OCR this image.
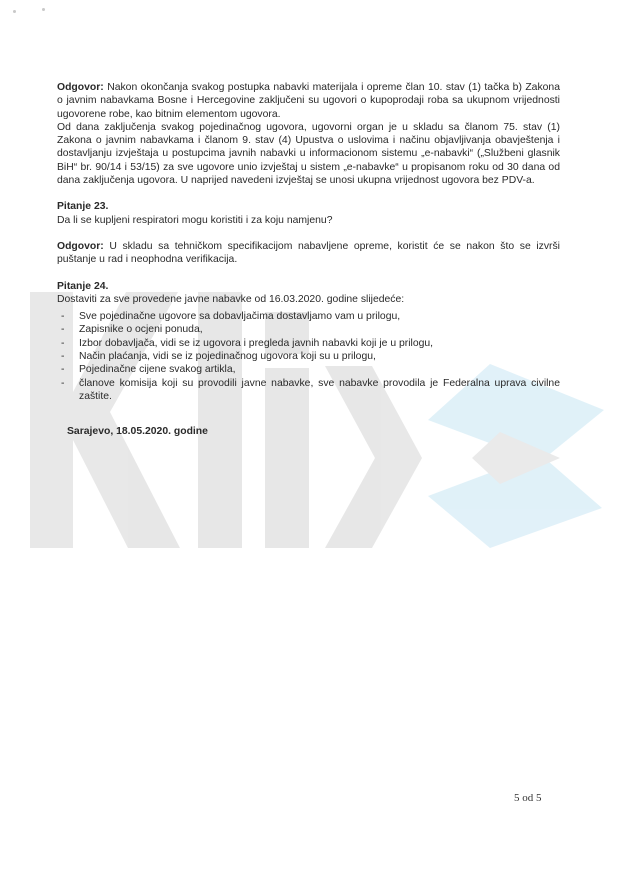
Odgovor: Nakon okončanja svakog postupka nabavki materijala i opreme član 10. stav (1) tačka b) Zakona o javnim nabavkama Bosne i Hercegovine zaključeni su ugovori o kupoprodaji roba sa ukupnom vrijednosti ugovorene robe, kao bitnim elementom ugovora.

Od dana zaključenja svakog pojedinačnog ugovora, ugovorni organ je u skladu sa članom 75. stav (1) Zakona o javnim nabavkama i članom 9. stav (4) Upustva o uslovima i načinu objavljivanja obavještenja i dostavljanju izvještaja u postupcima javnih nabavki u informacionom sistemu „e-nabavki“ („Službeni glasnik BiH“ br. 90/14 i 53/15) za sve ugovore unio izvještaj u sistem „e-nabavke“ u propisanom roku od 30 dana od dana zaključenja ugovora. U naprijed navedeni izvještaj se unosi ukupna vrijednost ugovora bez PDV-a.

Pitanje 23.

Da li se kupljeni respiratori mogu koristiti i za koju namjenu?

Odgovor: U skladu sa tehničkom specifikacijom nabavljene opreme, koristit će se nakon što se izvrši puštanje u rad i neophodna verifikacija.

Pitanje 24.

Dostaviti za sve provedene javne nabavke od 16.03.2020. godine slijedeće:

- Sve pojedinačne ugovore sa dobavljačima dostavljamo vam u prilogu,
- Zapisnike o ocjeni ponuda,
- Izbor dobavljača, vidi se iz ugovora i pregleda javnih nabavki koji je u prilogu,
- Način plaćanja, vidi se iz pojedinačnog ugovora koji su u prilogu,
- Pojedinačne cijene svakog artikla,
- članove komisija koji su provodili javne nabavke, sve nabavke provodila je Federalna uprava civilne zaštite.

Sarajevo, 18.05.2020. godine

5 od 5
